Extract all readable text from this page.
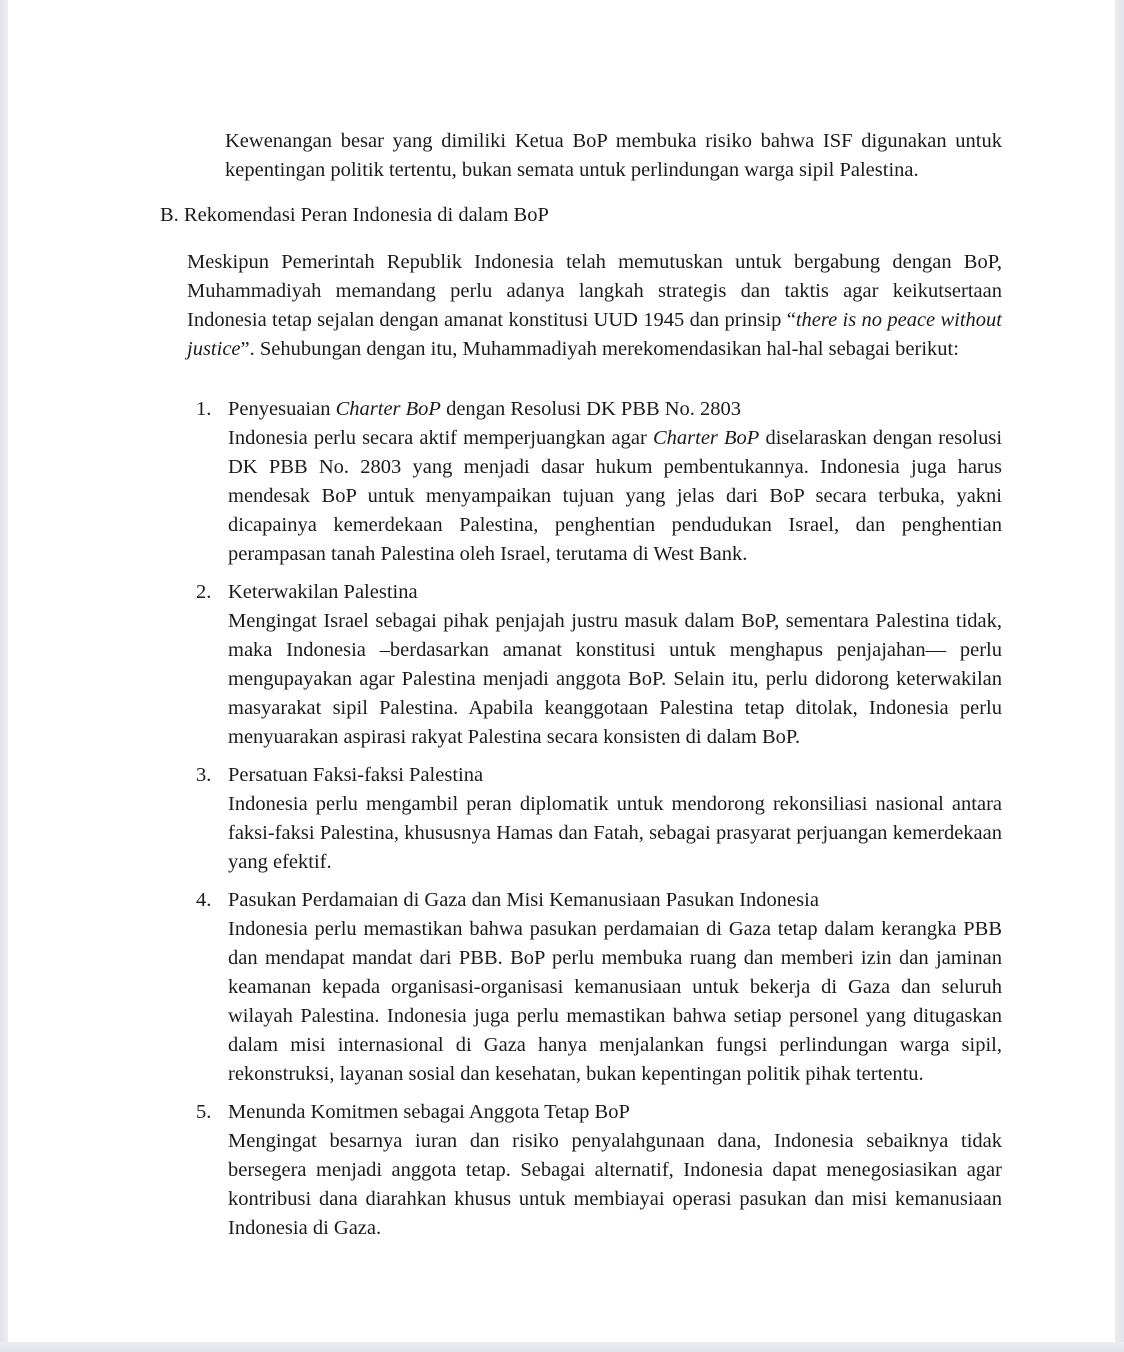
Kewenangan besar yang dimiliki Ketua BoP membuka risiko bahwa ISF digunakan untuk kepentingan politik tertentu, bukan semata untuk perlindungan warga sipil Palestina.

B. Rekomendasi Peran Indonesia di dalam BoP

Meskipun Pemerintah Republik Indonesia telah memutuskan untuk bergabung dengan BoP, Muhammadiyah memandang perlu adanya langkah strategis dan taktis agar keikutsertaan Indonesia tetap sejalan dengan amanat konstitusi UUD 1945 dan prinsip “there is no peace without justice”. Sehubungan dengan itu, Muhammadiyah merekomendasikan hal-hal sebagai berikut:

1. Penyesuaian Charter BoP dengan Resolusi DK PBB No. 2803
Indonesia perlu secara aktif memperjuangkan agar Charter BoP diselaraskan dengan resolusi DK PBB No. 2803 yang menjadi dasar hukum pembentukannya. Indonesia juga harus mendesak BoP untuk menyampaikan tujuan yang jelas dari BoP secara terbuka, yakni dicapainya kemerdekaan Palestina, penghentian pendudukan Israel, dan penghentian perampasan tanah Palestina oleh Israel, terutama di West Bank.
2. Keterwakilan Palestina
Mengingat Israel sebagai pihak penjajah justru masuk dalam BoP, sementara Palestina tidak, maka Indonesia –berdasarkan amanat konstitusi untuk menghapus penjajahan— perlu mengupayakan agar Palestina menjadi anggota BoP. Selain itu, perlu didorong keterwakilan masyarakat sipil Palestina. Apabila keanggotaan Palestina tetap ditolak, Indonesia perlu menyuarakan aspirasi rakyat Palestina secara konsisten di dalam BoP.
3. Persatuan Faksi-faksi Palestina
Indonesia perlu mengambil peran diplomatik untuk mendorong rekonsiliasi nasional antara faksi-faksi Palestina, khususnya Hamas dan Fatah, sebagai prasyarat perjuangan kemerdekaan yang efektif.
4. Pasukan Perdamaian di Gaza dan Misi Kemanusiaan Pasukan Indonesia
Indonesia perlu memastikan bahwa pasukan perdamaian di Gaza tetap dalam kerangka PBB dan mendapat mandat dari PBB. BoP perlu membuka ruang dan memberi izin dan jaminan keamanan kepada organisasi-organisasi kemanusiaan untuk bekerja di Gaza dan seluruh wilayah Palestina. Indonesia juga perlu memastikan bahwa setiap personel yang ditugaskan dalam misi internasional di Gaza hanya menjalankan fungsi perlindungan warga sipil, rekonstruksi, layanan sosial dan kesehatan, bukan kepentingan politik pihak tertentu.
5. Menunda Komitmen sebagai Anggota Tetap BoP
Mengingat besarnya iuran dan risiko penyalahgunaan dana, Indonesia sebaiknya tidak bersegera menjadi anggota tetap. Sebagai alternatif, Indonesia dapat menegosiasikan agar kontribusi dana diarahkan khusus untuk membiayai operasi pasukan dan misi kemanusiaan Indonesia di Gaza.
